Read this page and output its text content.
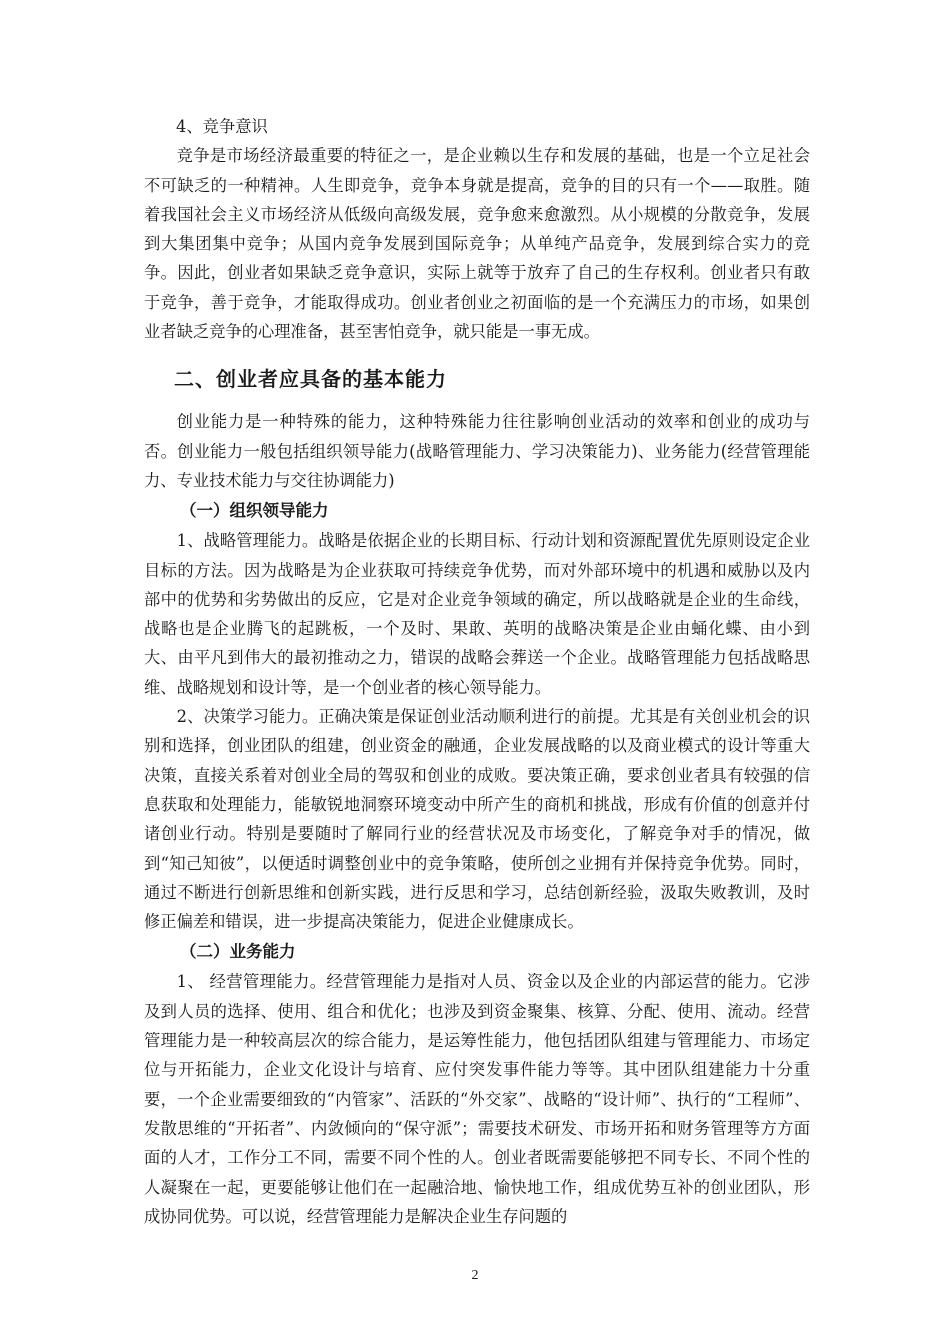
4、竞争意识

竞争是市场经济最重要的特征之一，是企业赖以生存和发展的基础，也是一个立足社会不可缺乏的一种精神。人生即竞争，竞争本身就是提高，竞争的目的只有一个——取胜。随着我国社会主义市场经济从低级向高级发展，竞争愈来愈激烈。从小规模的分散竞争，发展到大集团集中竞争；从国内竞争发展到国际竞争；从单纯产品竞争，发展到综合实力的竞争。因此，创业者如果缺乏竞争意识，实际上就等于放弃了自己的生存权利。创业者只有敢于竞争，善于竞争，才能取得成功。创业者创业之初面临的是一个充满压力的市场，如果创业者缺乏竞争的心理准备，甚至害怕竞争，就只能是一事无成。

二、创业者应具备的基本能力

创业能力是一种特殊的能力，这种特殊能力往往影响创业活动的效率和创业的成功与否。创业能力一般包括组织领导能力(战略管理能力、学习决策能力)、业务能力(经营管理能力、专业技术能力与交往协调能力)

（一）组织领导能力

1、战略管理能力。战略是依据企业的长期目标、行动计划和资源配置优先原则设定企业目标的方法。因为战略是为企业获取可持续竞争优势，而对外部环境中的机遇和威胁以及内部中的优势和劣势做出的反应，它是对企业竞争领域的确定，所以战略就是企业的生命线，战略也是企业腾飞的起跳板，一个及时、果敢、英明的战略决策是企业由蛹化蝶、由小到大、由平凡到伟大的最初推动之力，错误的战略会葬送一个企业。战略管理能力包括战略思维、战略规划和设计等，是一个创业者的核心领导能力。

2、决策学习能力。正确决策是保证创业活动顺利进行的前提。尤其是有关创业机会的识别和选择，创业团队的组建，创业资金的融通，企业发展战略的以及商业模式的设计等重大决策，直接关系着对创业全局的驾驭和创业的成败。要决策正确，要求创业者具有较强的信息获取和处理能力，能敏锐地洞察环境变动中所产生的商机和挑战，形成有价值的创意并付诸创业行动。特别是要随时了解同行业的经营状况及市场变化，了解竞争对手的情况，做到“知己知彼”，以便适时调整创业中的竞争策略，使所创之业拥有并保持竞争优势。同时，通过不断进行创新思维和创新实践，进行反思和学习，总结创新经验，汲取失败教训，及时修正偏差和错误，进一步提高决策能力，促进企业健康成长。

（二）业务能力

1、 经营管理能力。经营管理能力是指对人员、资金以及企业的内部运营的能力。它涉及到人员的选择、使用、组合和优化；也涉及到资金聚集、核算、分配、使用、流动。经营管理能力是一种较高层次的综合能力，是运筹性能力，他包括团队组建与管理能力、市场定位与开拓能力，企业文化设计与培育、应付突发事件能力等等。其中团队组建能力十分重要，一个企业需要细致的“内管家”、活跃的“外交家”、战略的“设计师”、执行的“工程师”、发散思维的“开拓者”、内敛倾向的“保守派”；需要技术研发、市场开拓和财务管理等方方面面的人才，工作分工不同，需要不同个性的人。创业者既需要能够把不同专长、不同个性的人凝聚在一起，更要能够让他们在一起融洽地、愉快地工作，组成优势互补的创业团队，形成协同优势。可以说，经营管理能力是解决企业生存问题的

2
